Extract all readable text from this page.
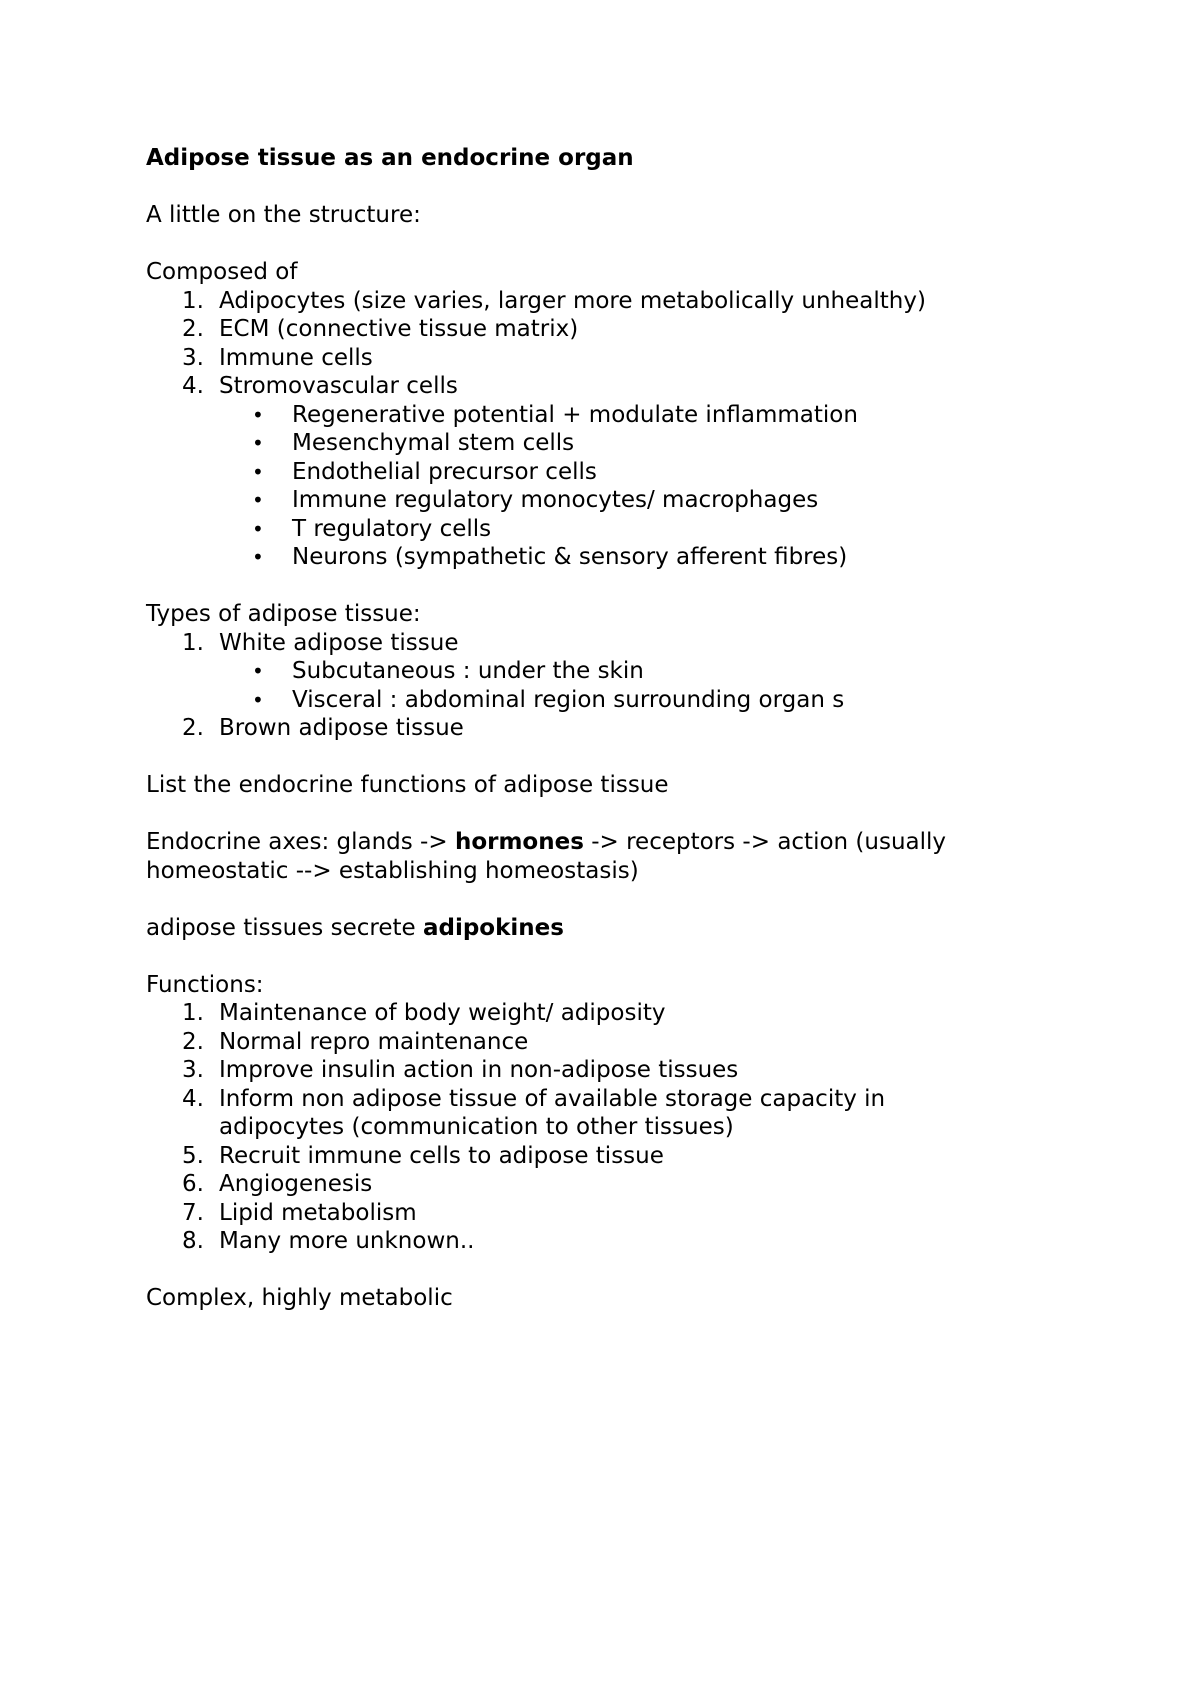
Adipose tissue as an endocrine organ
A little on the structure:
Composed of
1. Adipocytes (size varies, larger more metabolically unhealthy)
2. ECM (connective tissue matrix)
3. Immune cells
4. Stromovascular cells
• Regenerative potential + modulate inflammation
• Mesenchymal stem cells
• Endothelial precursor cells
• Immune regulatory monocytes/ macrophages
• T regulatory cells
• Neurons (sympathetic & sensory afferent fibres)
Types of adipose tissue:
1. White adipose tissue
• Subcutaneous : under the skin
• Visceral : abdominal region surrounding organ s
2. Brown adipose tissue
List the endocrine functions of adipose tissue
Endocrine axes: glands -> hormones -> receptors -> action (usually
homeostatic --> establishing homeostasis)
adipose tissues secrete adipokines
Functions:
1. Maintenance of body weight/ adiposity
2. Normal repro maintenance
3. Improve insulin action in non-adipose tissues
4. Inform non adipose tissue of available storage capacity in adipocytes (communication to other tissues)
5. Recruit immune cells to adipose tissue
6. Angiogenesis
7. Lipid metabolism
8. Many more unknown..
Complex, highly metabolic
